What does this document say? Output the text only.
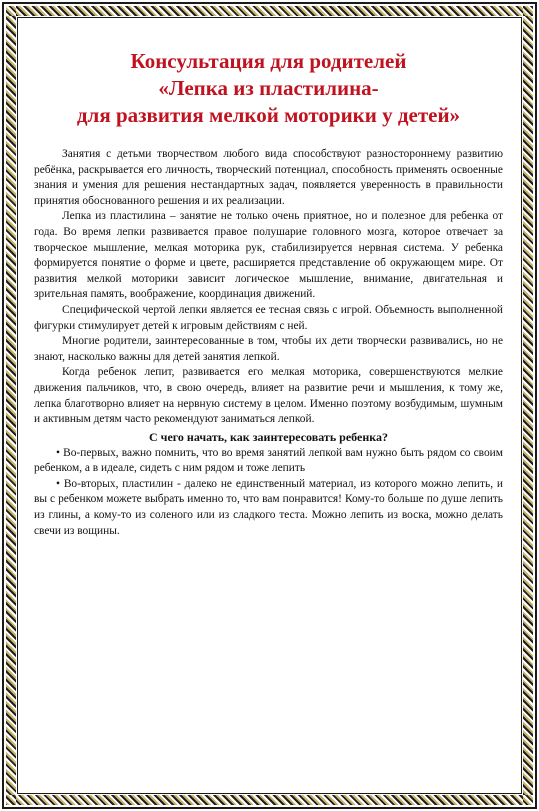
Консультация для родителей
«Лепка из пластилина-
для развития мелкой моторики у детей»

Занятия с детьми творчеством любого вида способствуют разностороннему развитию ребёнка, раскрывается его личность, творческий потенциал, способность применять освоенные знания и умения для решения нестандартных задач, появляется уверенность в правильности принятия обоснованного решения и их реализации.

Лепка из пластилина – занятие не только очень приятное, но и полезное для ребенка от года. Во время лепки развивается правое полушарие головного мозга, которое отвечает за творческое мышление, мелкая моторика рук, стабилизируется нервная система. У ребенка формируется понятие о форме и цвете, расширяется представление об окружающем мире. От развития мелкой моторики зависит логическое мышление, внимание, двигательная и зрительная память, воображение, координация движений.

Специфической чертой лепки является ее тесная связь с игрой. Объемность выполненной фигурки стимулирует детей к игровым действиям с ней.

Многие родители, заинтересованные в том, чтобы их дети творчески развивались, но не знают, насколько важны для детей занятия лепкой.

Когда ребенок лепит, развивается его мелкая моторика, совершенствуются мелкие движения пальчиков, что, в свою очередь, влияет на развитие речи и мышления, к тому же, лепка благотворно влияет на нервную систему в целом. Именно поэтому возбудимым, шумным и активным детям часто рекомендуют заниматься лепкой.

С чего начать, как заинтересовать ребенка?

• Во-первых, важно помнить, что во время занятий лепкой вам нужно быть рядом со своим ребенком, а в идеале, сидеть с ним рядом и тоже лепить

• Во-вторых, пластилин - далеко не единственный материал, из которого можно лепить, и вы с ребенком можете выбрать именно то, что вам понравится! Кому-то больше по душе лепить из глины, а кому-то из соленого или из сладкого теста. Можно лепить из воска, можно делать свечи из вощины.
